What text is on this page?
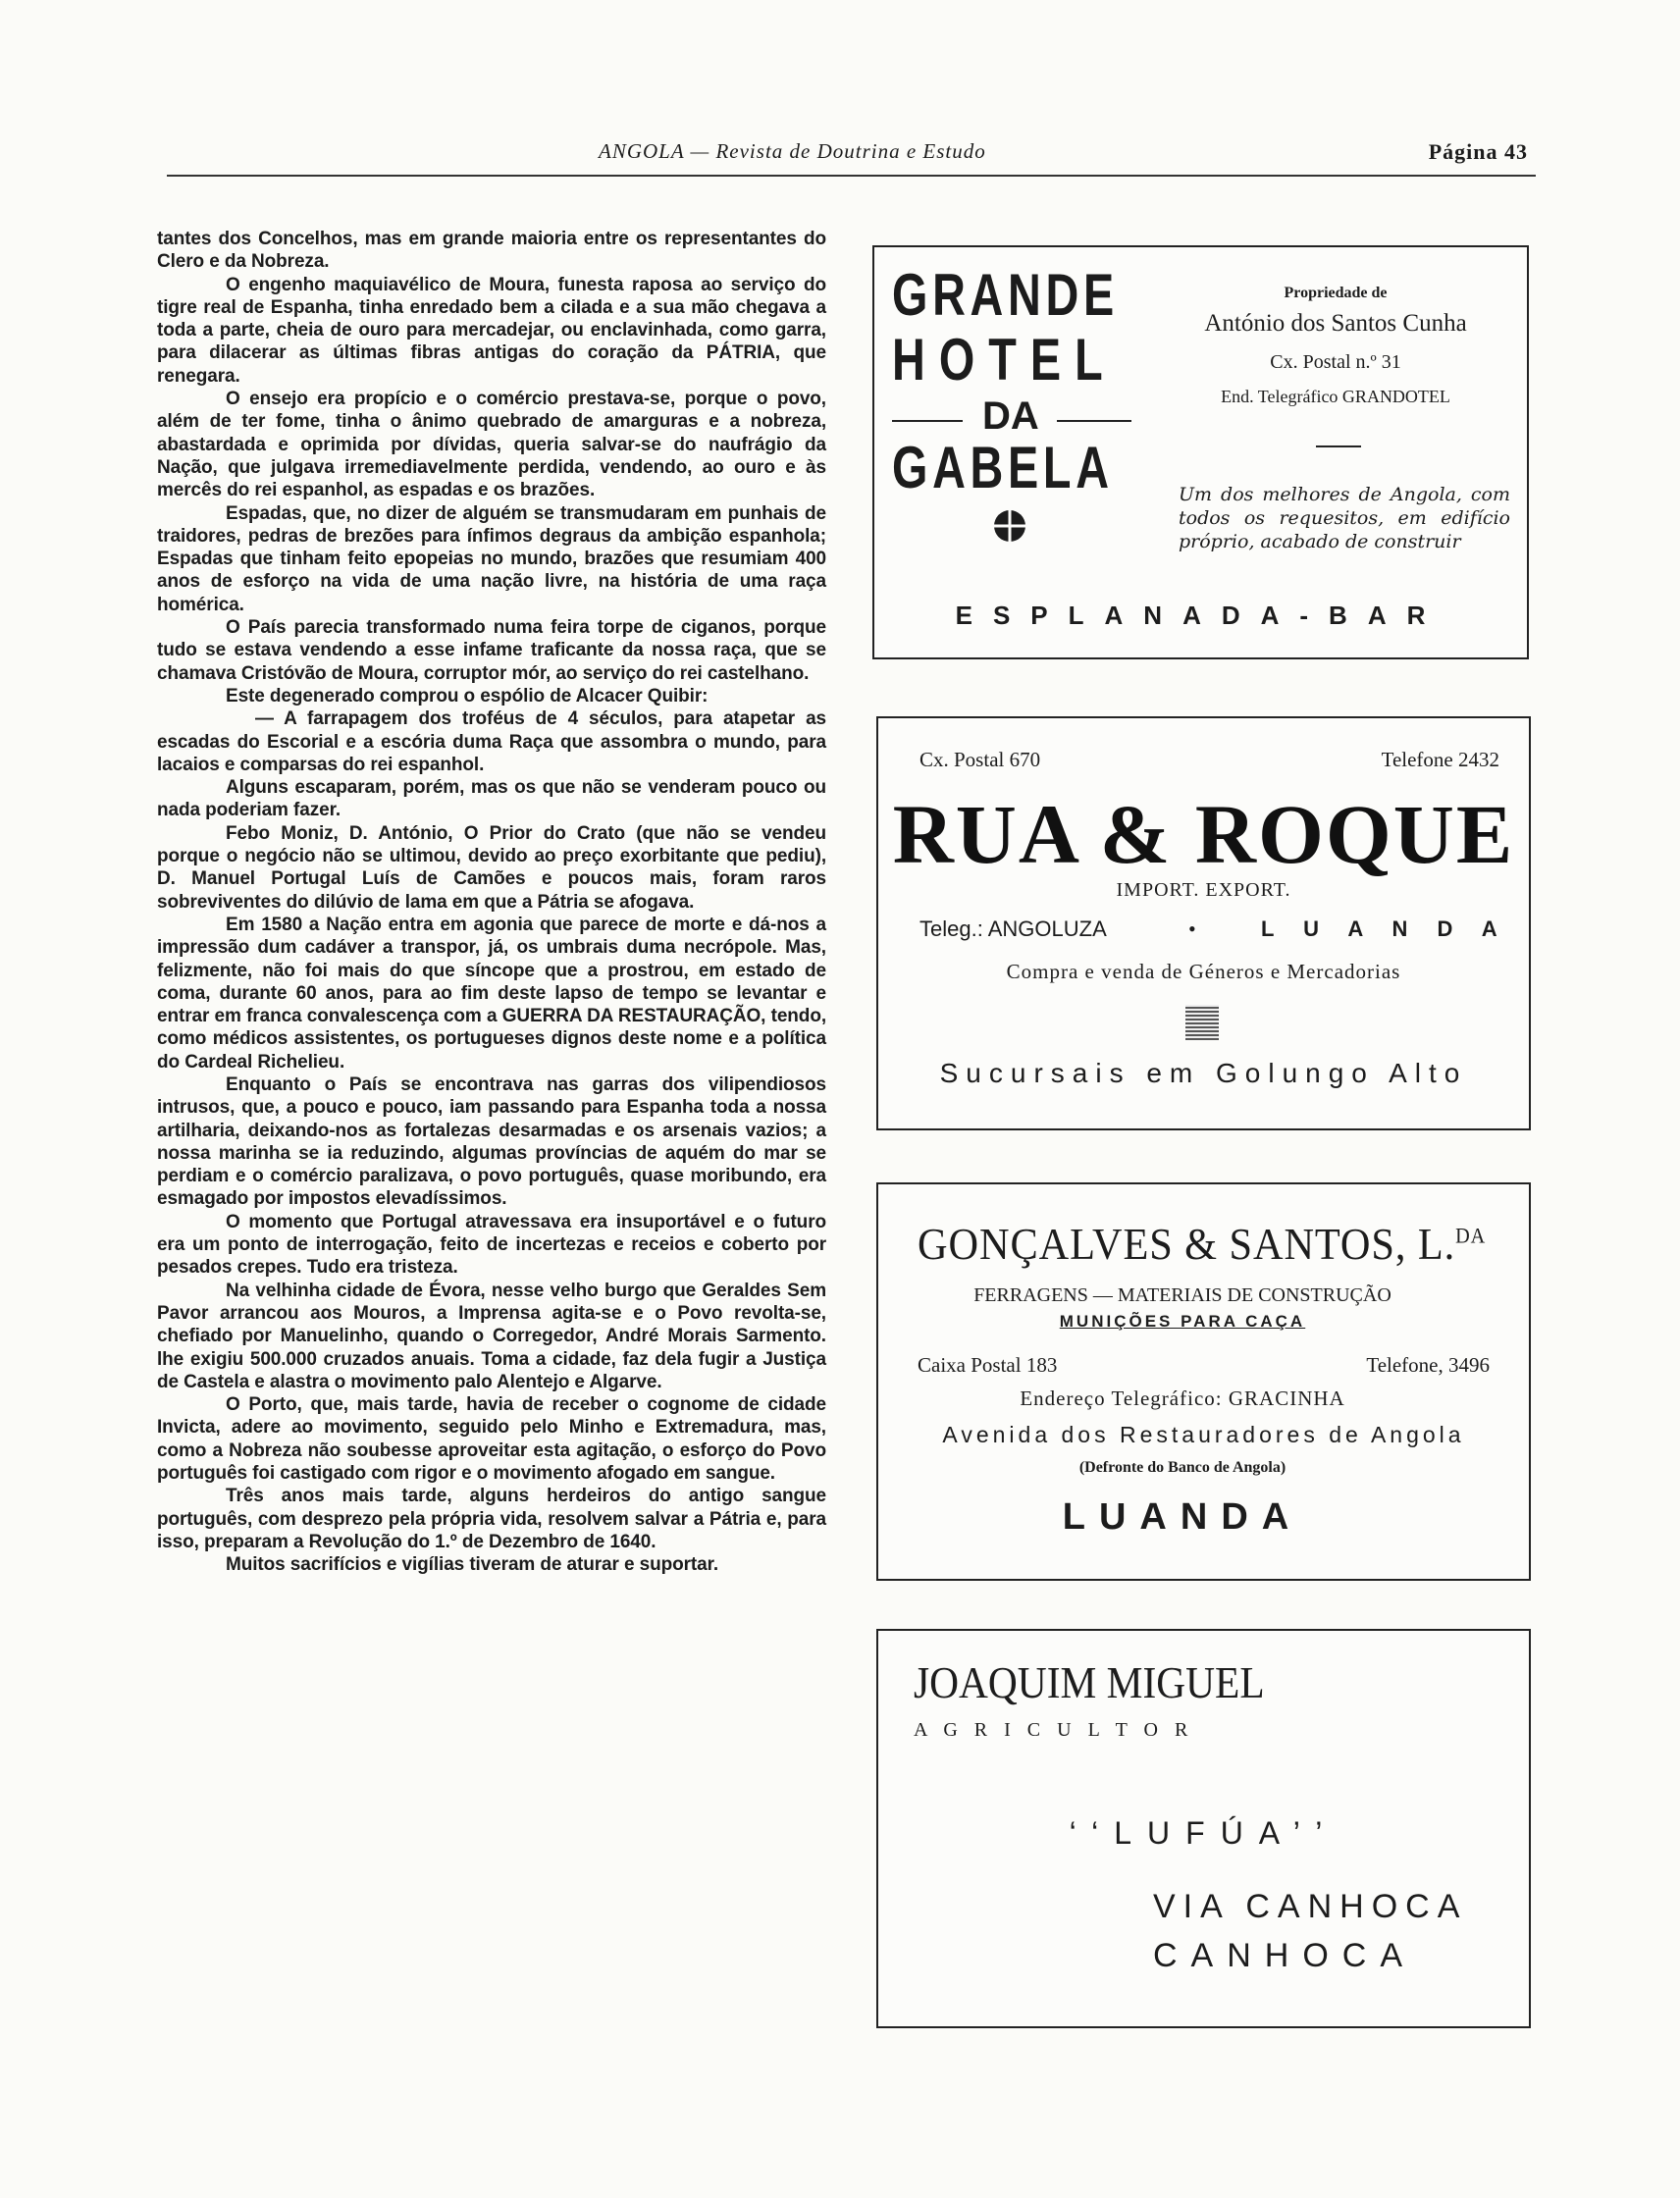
ANGOLA — Revista de Doutrina e Estudo	Página 43

tantes dos Concelhos, mas em grande maioria entre os representantes do Clero e da Nobreza.

O engenho maquiavélico de Moura, funesta raposa ao serviço do tigre real de Espanha, tinha enredado bem a ciIada e a sua mão chegava a toda a parte, cheia de ouro para mercadejar, ou enclavinhada, como garra, para dilacerar as últimas fibras antigas do coração da PÁTRIA, que renegara.

O ensejo era propício e o comércio prestava-se, porque o povo, além de ter fome, tinha o ânimo quebrado de amarguras e a nobreza, abastardada e oprimida por dívidas, queria salvar-se do naufrágio da Nação, que julgava irremediavelmente perdida, vendendo, ao ouro e às mercês do rei espanhol, as espadas e os brazões.

Espadas, que, no dizer de alguém se transmudaram em punhais de traidores, pedras de brezões para ínfimos degraus da ambição espanhola; Espadas que tinham feito epopeias no mundo, brazões que resumiam 400 anos de esforço na vida de uma nação livre, na história de uma raça homérica.

O País parecia transformado numa feira torpe de ciganos, porque tudo se estava vendendo a esse infame traficante da nossa raça, que se chamava Cristóvão de Moura, corruptor mór, ao serviço do rei castelhano.

Este degenerado comprou o espólio de Alcacer Quibir:

— A farrapagem dos troféus de 4 séculos, para atapetar as escadas do Escorial e a escória duma Raça que assombra o mundo, para lacaios e comparsas do rei espanhol.

Alguns escaparam, porém, mas os que não se venderam pouco ou nada poderiam fazer.

Febo Moniz, D. António, O Prior do Crato (que não se vendeu porque o negócio não se ultimou, devido ao preço exorbitante que pediu), D. Manuel Portugal Luís de Camões e poucos mais, foram raros sobreviventes do dilúvio de lama em que a Pátria se afogava.

Em 1580 a Nação entra em agonia que parece de morte e dá-nos a impressão dum cadáver a transpor, já, os umbrais duma necrópole. Mas, felizmente, não foi mais do que síncope que a prostrou, em estado de coma, durante 60 anos, para ao fim deste lapso de tempo se levantar e entrar em franca convalescença com a GUERRA DA RESTAURAÇÃO, tendo, como médicos assistentes, os portugueses dignos deste nome e a política do Cardeal Richelieu.

Enquanto o País se encontrava nas garras dos vilipendiosos intrusos, que, a pouco e pouco, iam passando para Espanha toda a nossa artilharia, deixando-nos as fortalezas desarmadas e os arsenais vazios; a nossa marinha se ia reduzindo, algumas províncias de aquém do mar se perdiam e o comércio paralizava, o povo português, quase moribundo, era esmagado por impostos elevadíssimos.

O momento que Portugal atravessava era insuportável e o futuro era um ponto de interrogação, feito de incertezas e receios e coberto por pesados crepes. Tudo era tristeza.

Na velhinha cidade de Évora, nesse velho burgo que Geraldes Sem Pavor arrancou aos Mouros, a Imprensa agita-se e o Povo revolta-se, chefiado por Manuelinho, quando o Corregedor, André Morais Sarmento. lhe exigiu 500.000 cruzados anuais. Toma a cidade, faz dela fugir a Justiça de Castela e alastra o movimento palo Alentejo e Algarve.

O Porto, que, mais tarde, havia de receber o cognome de cidade Invicta, adere ao movimento, seguido pelo Minho e Extremadura, mas, como a Nobreza não soubesse aproveitar esta agitação, o esforço do Povo português foi castigado com rigor e o movimento afogado em sangue.

Três anos mais tarde, alguns herdeiros do antigo sangue português, com desprezo pela própria vida, resolvem salvar a Pátria e, para isso, preparam a Revolução do 1.º de Dezembro de 1640.

Muitos sacrifícios e vigílias tiveram de aturar e suportar.

GRANDE
HOTEL
DA
GABELA
Propriedade de
António dos Santos Cunha
Cx. Postal n.º 31
End. Telegráfico GRANDOTEL
Um dos melhores de Angola, com todos os requesitos, em edifício próprio, acabado de construir
ESPLANADA-BAR
Cx. Postal 670	Telefone 2432
RUA & ROQUE
IMPORT. EXPORT.
Teleg.: ANGOLUZA	•	L U A N D A
Compra e venda de Géneros e Mercadorias
Sucursais em Golungo Alto
GONÇALVES & SANTOS, L.$^{DA}$
FERRAGENS — MATERIAIS DE CONSTRUÇÃO
MUNIÇÕES PARA CAÇA
Caixa Postal 183	Telefone, 3496
Endereço Telegráfico: GRACINHA
Avenida dos Restauradores de Angola
(Defronte do Banco de Angola)
LUANDA
JOAQUIM MIGUEL
A G R I C U L T O R
‘‘LUFÚA’’
VIA CANHOCA
CANHOCA
